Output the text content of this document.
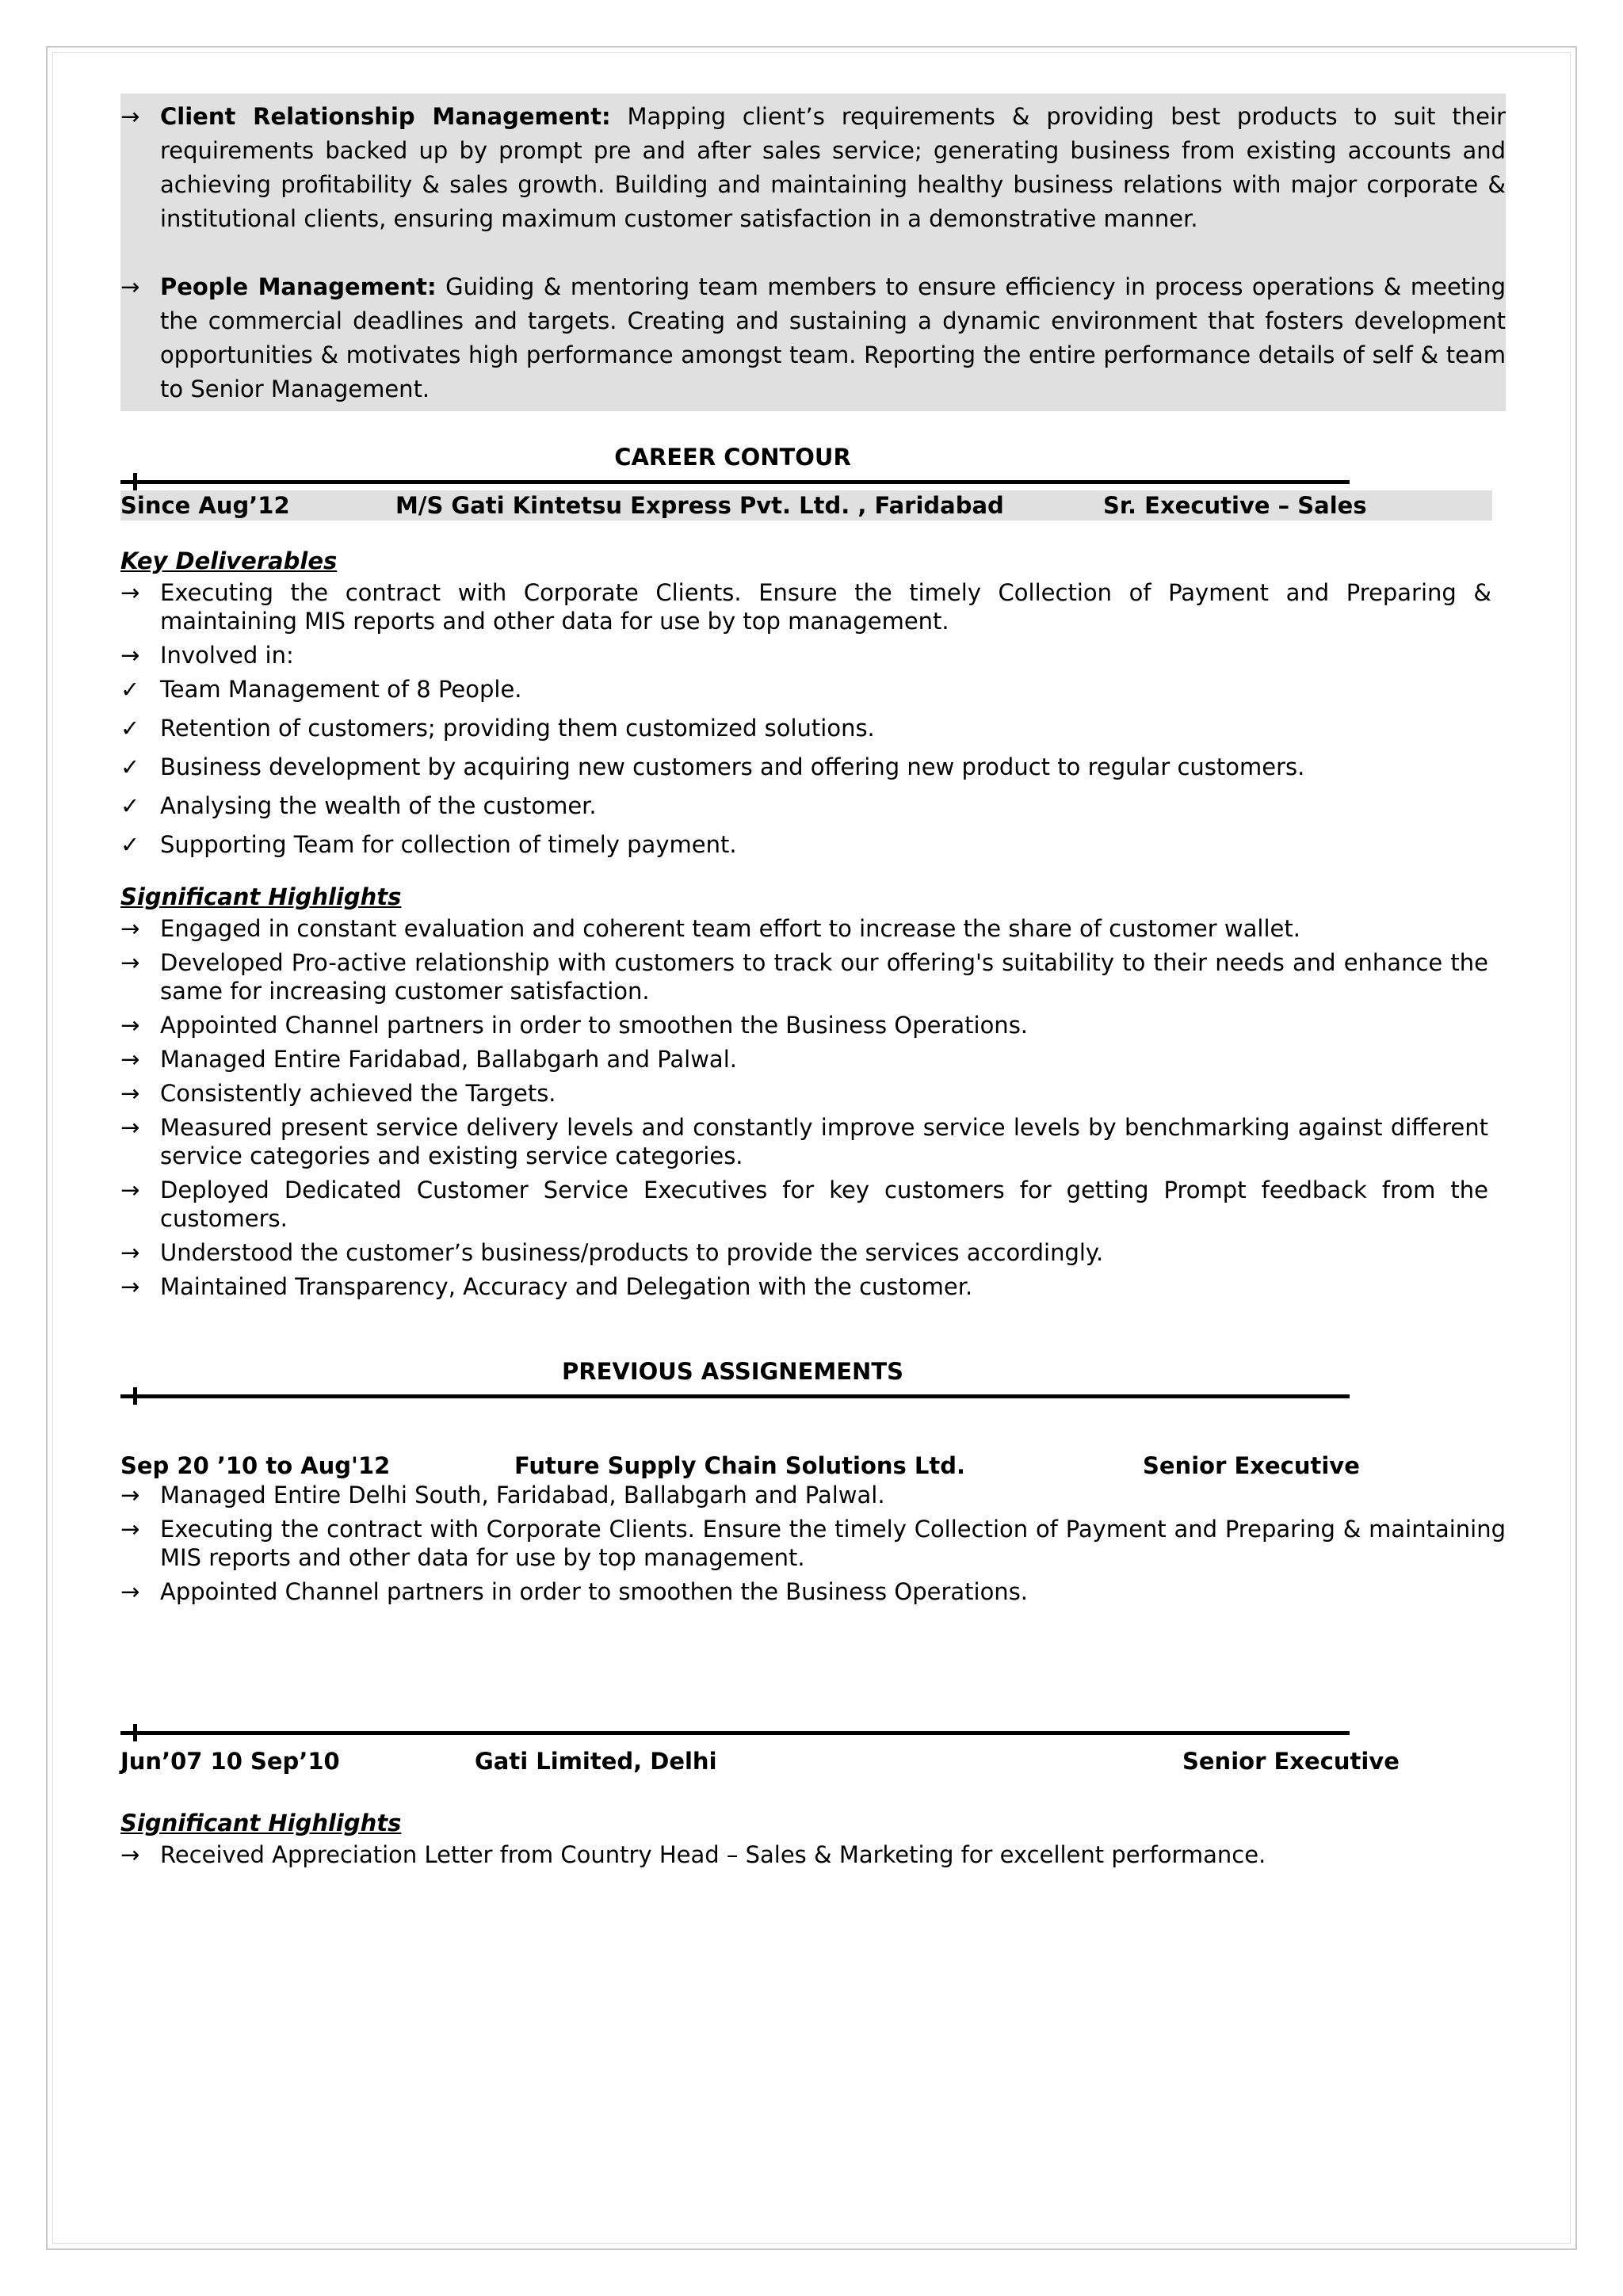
→ Client Relationship Management: Mapping client’s requirements & providing best products to suit their requirements backed up by prompt pre and after sales service; generating business from existing accounts and achieving profitability & sales growth. Building and maintaining healthy business relations with major corporate & institutional clients, ensuring maximum customer satisfaction in a demonstrative manner.

→ People Management: Guiding & mentoring team members to ensure efficiency in process operations & meeting the commercial deadlines and targets. Creating and sustaining a dynamic environment that fosters development opportunities & motivates high performance amongst team. Reporting the entire performance details of self & team to Senior Management.

CAREER CONTOUR
Since Aug’12	M/S Gati Kintetsu Express Pvt. Ltd. , Faridabad	Sr. Executive – Sales
Key Deliverables
→ Executing the contract with Corporate Clients. Ensure the timely Collection of Payment and Preparing & maintaining MIS reports and other data for use by top management.

→ Involved in:

✓ Team Management of 8 People.

✓ Retention of customers; providing them customized solutions.

✓ Business development by acquiring new customers and offering new product to regular customers.

✓ Analysing the wealth of the customer.

✓ Supporting Team for collection of timely payment.

Significant Highlights
→ Engaged in constant evaluation and coherent team effort to increase the share of customer wallet.

→ Developed Pro-active relationship with customers to track our offering's suitability to their needs and enhance the same for increasing customer satisfaction.

→ Appointed Channel partners in order to smoothen the Business Operations.

→ Managed Entire Faridabad, Ballabgarh and Palwal.

→ Consistently achieved the Targets.

→ Measured present service delivery levels and constantly improve service levels by benchmarking against different service categories and existing service categories.

→ Deployed Dedicated Customer Service Executives for key customers for getting Prompt feedback from the customers.

→ Understood the customer’s business/products to provide the services accordingly.

→ Maintained Transparency, Accuracy and Delegation with the customer.

PREVIOUS ASSIGNEMENTS
Sep 20 ’10 to Aug'12	Future Supply Chain Solutions Ltd.	Senior Executive
→ Managed Entire Delhi South, Faridabad, Ballabgarh and Palwal.

→ Executing the contract with Corporate Clients. Ensure the timely Collection of Payment and Preparing & maintaining MIS reports and other data for use by top management.

→ Appointed Channel partners in order to smoothen the Business Operations.

Jun’07 10 Sep’10	Gati Limited, Delhi	Senior Executive
Significant Highlights
→ Received Appreciation Letter from Country Head – Sales & Marketing for excellent performance.
